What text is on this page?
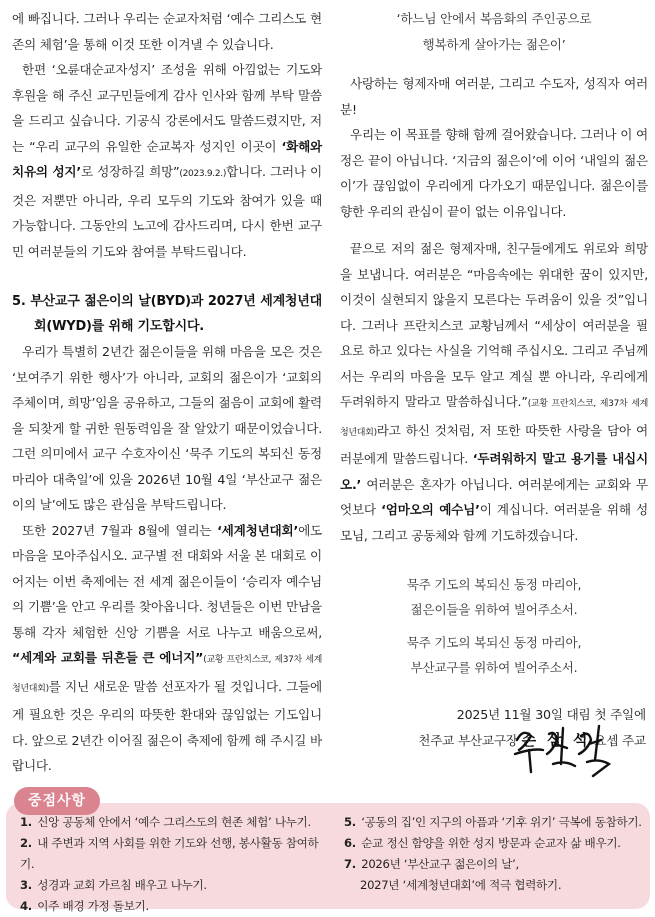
에 빠집니다. 그러나 우리는 순교자처럼 ‘예수 그리스도 현존의 체험’을 통해 이것 또한 이겨낼 수 있습니다.

한편 ‘오륜대순교자성지’ 조성을 위해 아낌없는 기도와 후원을 해 주신 교구민들에게 감사 인사와 함께 부탁 말씀을 드리고 싶습니다. 기공식 강론에서도 말씀드렸지만, 저는 “우리 교구의 유일한 순교복자 성지인 이곳이 ‘화해와 치유의 성지’로 성장하길 희망”(2023.9.2.)합니다. 그러나 이것은 저뿐만 아니라, 우리 모두의 기도와 참여가 있을 때 가능합니다. 그동안의 노고에 감사드리며, 다시 한번 교구민 여러분들의 기도와 참여를 부탁드립니다.

5. 부산교구 젊은이의 날(BYD)과 2027년 세계청년대회(WYD)를 위해 기도합시다.

우리가 특별히 2년간 젊은이들을 위해 마음을 모은 것은 ‘보여주기 위한 행사’가 아니라, 교회의 젊은이가 ‘교회의 주체이며, 희망’임을 공유하고, 그들의 젊음이 교회에 활력을 되찾게 할 귀한 원동력임을 잘 알았기 때문이었습니다. 그런 의미에서 교구 수호자이신 ‘묵주 기도의 복되신 동정 마리아 대축일’에 있을 2026년 10월 4일 ‘부산교구 젊은이의 날’에도 많은 관심을 부탁드립니다.

또한 2027년 7월과 8월에 열리는 ‘세계청년대회’에도 마음을 모아주십시오. 교구별 전 대회와 서울 본 대회로 이어지는 이번 축제에는 전 세계 젊은이들이 ‘승리자 예수님의 기쁨’을 안고 우리를 찾아옵니다. 청년들은 이번 만남을 통해 각자 체험한 신앙 기쁨을 서로 나누고 배움으로써, “세계와 교회를 뒤흔들 큰 에너지”(교황 프란치스코, 제37차 세계청년대회)를 지닌 새로운 말씀 선포자가 될 것입니다. 그들에게 필요한 것은 우리의 따뜻한 환대와 끊임없는 기도입니다. 앞으로 2년간 이어질 젊은이 축제에 함께 해 주시길 바랍니다.

‘하느님 안에서 복음화의 주인공으로
행복하게 살아가는 젊은이’

사랑하는 형제자매 여러분, 그리고 수도자, 성직자 여러분!

우리는 이 목표를 향해 함께 걸어왔습니다. 그러나 이 여정은 끝이 아닙니다. ‘지금의 젊은이’에 이어 ‘내일의 젊은이’가 끊임없이 우리에게 다가오기 때문입니다. 젊은이를 향한 우리의 관심이 끝이 없는 이유입니다.

끝으로 저의 젊은 형제자매, 친구들에게도 위로와 희망을 보냅니다. 여러분은 “마음속에는 위대한 꿈이 있지만, 이것이 실현되지 않을지 모른다는 두려움이 있을 것”입니다. 그러나 프란치스코 교황님께서 “세상이 여러분을 필요로 하고 있다는 사실을 기억해 주십시오. 그리고 주님께서는 우리의 마음을 모두 알고 계실 뿐 아니라, 우리에게 두려워하지 말라고 말씀하십니다.”(교황 프란치스코, 제37차 세계청년대회)라고 하신 것처럼, 저 또한 따뜻한 사랑을 담아 여러분에게 말씀드립니다. ‘두려워하지 말고 용기를 내십시오.’ 여러분은 혼자가 아닙니다. 여러분에게는 교회와 무엇보다 ‘엄마오의 예수님’이 계십니다. 여러분을 위해 성모님, 그리고 공동체와 함께 기도하겠습니다.

묵주 기도의 복되신 동정 마리아,
젊은이들을 위하여 빌어주소서.
묵주 기도의 복되신 동정 마리아,
부산교구를 위하여 빌어주소서.

2025년 11월 30일 대림 첫 주일에

천주교 부산교구장 손 삼 석 요셉 주교

중점사항
1. 신앙 공동체 안에서 ‘예수 그리스도의 현존 체험’ 나누기.
2. 내 주변과 지역 사회를 위한 기도와 선행, 봉사활동 참여하기.
3. 성경과 교회 가르침 배우고 나누기.
4. 이주 배경 가정 돌보기.
5. ‘공동의 집’인 지구의 아픔과 ‘기후 위기’ 극복에 동참하기.
6. 순교 정신 함양을 위한 성지 방문과 순교자 삶 배우기.
7. 2026년 ‘부산교구 젊은이의 날’,
2027년 ‘세계청년대회’에 적극 협력하기.
